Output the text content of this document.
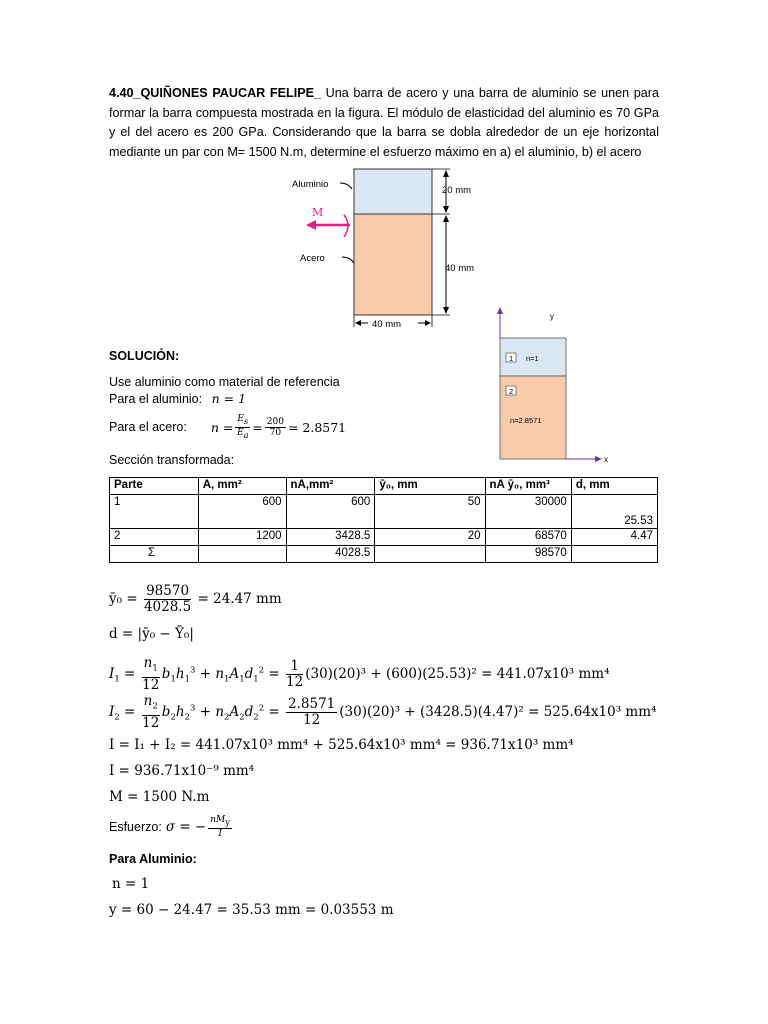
4.40_QUIÑONES PAUCAR FELIPE_ Una barra de acero y una barra de aluminio se unen para formar la barra compuesta mostrada en la figura. El módulo de elasticidad del aluminio es 70 GPa y el del acero es 200 GPa. Considerando que la barra se dobla alrededor de un eje horizontal mediante un par con M= 1500 N.m, determine el esfuerzo máximo en a) el aluminio, b) el acero
Aluminio
Acero
M
20 mm
40 mm
40 mm
y
x
1
2
n=1
n=2.8571
SOLUCIÓN:
Use aluminio como material de referencia
Para el aluminio: n = 1
Para el acero: $n = \frac{E_s}{E_a} = \frac{200}{70} = 2.8571$
Sección transformada:
Parte	A, mm²	nA,mm²	ȳ₀, mm	nA ȳ₀, mm³	d, mm
1	600	600	50	30000	25.53
2	1200	3428.5	20	68570	4.47
Σ		4028.5		98570	
ȳ₀ = $\frac{98570}{4028.5} = 24.47$ mm
d = |ȳ₀ − Ȳ₀|
$I_1 = \frac{n_1}{12} b_1h_1^3 + n_1A_1d_1^2 = \frac{1}{12} (30)(20)^3 + (600)(25.53)^2 = 441.07x10^3$ mm⁴
$I_2 = \frac{n_2}{12} b_2h_2^3 + n_2A_2d_2^2 = \frac{2.8571}{12} (30)(20)^3 + (3428.5)(4.47)^2 = 525.64x10^3$ mm⁴
I = I₁ + I₂ = 441.07x10³ mm⁴ + 525.64x10³ mm⁴ = 936.71x10³ mm⁴
I = 936.71x10⁻⁹ mm⁴
M = 1500 N.m
Esfuerzo: σ = − $\frac{nM_y}{I}$
Para Aluminio:
n = 1
y = 60 − 24.47 = 35.53 mm = 0.03553 m
